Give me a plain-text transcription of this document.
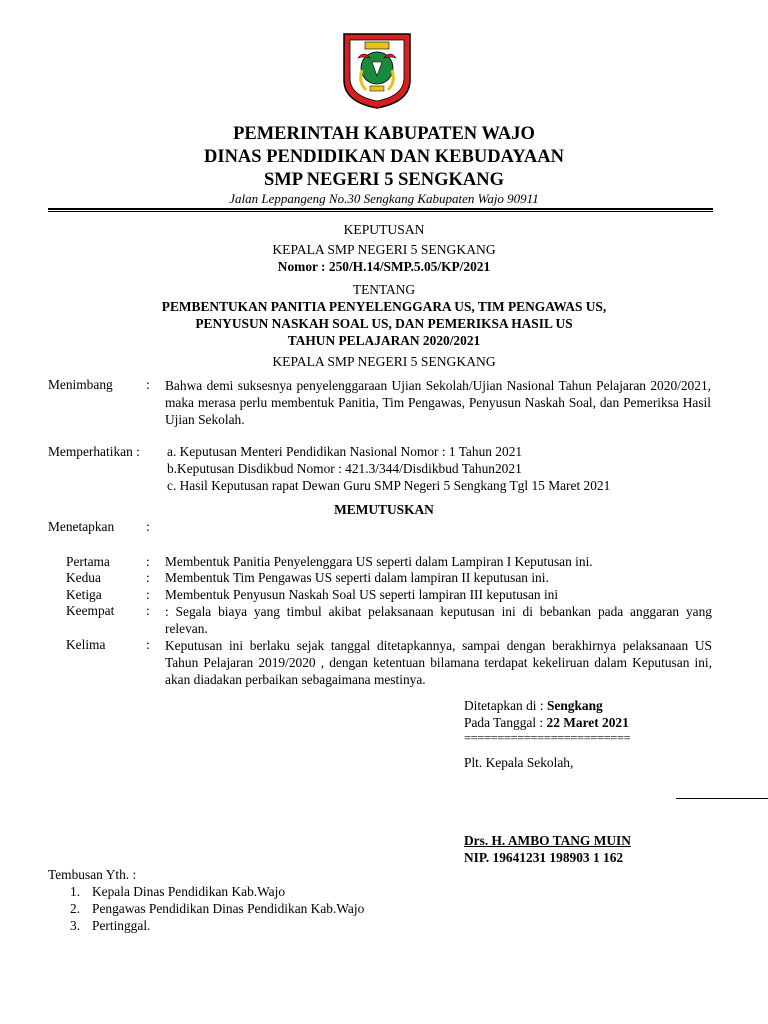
PEMERINTAH KABUPATEN WAJO
DINAS PENDIDIKAN DAN KEBUDAYAAN
SMP NEGERI 5 SENGKANG
Jalan Leppangeng No.30 Sengkang Kabupaten Wajo 90911
KEPUTUSAN
KEPALA SMP NEGERI 5 SENGKANG
Nomor : 250/H.14/SMP.5.05/KP/2021
TENTANG
PEMBENTUKAN PANITIA PENYELENGGARA US, TIM PENGAWAS US,
PENYUSUN NASKAH SOAL US, DAN PEMERIKSA HASIL US
TAHUN PELAJARAN 2020/2021
KEPALA SMP NEGERI 5 SENGKANG
Menimbang : Bahwa demi suksesnya penyelenggaraan Ujian Sekolah/Ujian Nasional Tahun Pelajaran 2020/2021, maka merasa perlu membentuk Panitia, Tim Pengawas, Penyusun Naskah Soal, dan Pemeriksa Hasil Ujian Sekolah.
Memperhatikan : a. Keputusan Menteri Pendidikan Nasional Nomor : 1 Tahun 2021
b.Keputusan Disdikbud Nomor : 421.3/344/Disdikbud Tahun2021
c. Hasil Keputusan rapat Dewan Guru SMP Negeri 5 Sengkang Tgl 15 Maret 2021
MEMUTUSKAN
Menetapkan :
Pertama	: Membentuk Panitia Penyelenggara US seperti dalam Lampiran I Keputusan ini.
Kedua	: Membentuk Tim Pengawas US seperti dalam lampiran II keputusan ini.
Ketiga	: Membentuk Penyusun Naskah Soal US seperti lampiran III keputusan ini
Keempat : : Segala biaya yang timbul akibat pelaksanaan keputusan ini di bebankan pada anggaran yang relevan.
Kelima	: Keputusan ini berlaku sejak tanggal ditetapkannya, sampai dengan berakhirnya pelaksanaan US Tahun Pelajaran 2019/2020 , dengan ketentuan bilamana terdapat kekeliruan dalam Keputusan ini, akan diadakan perbaikan sebagaimana mestinya.
Ditetapkan di : Sengkang
Pada Tanggal : 22 Maret 2021
=========================
Plt. Kepala Sekolah,
Drs. H. AMBO TANG MUIN
NIP. 19641231 198903 1 162
Tembusan Yth. :
1. Kepala Dinas Pendidikan Kab.Wajo
2. Pengawas Pendidikan Dinas Pendidikan Kab.Wajo
3. Pertinggal.
